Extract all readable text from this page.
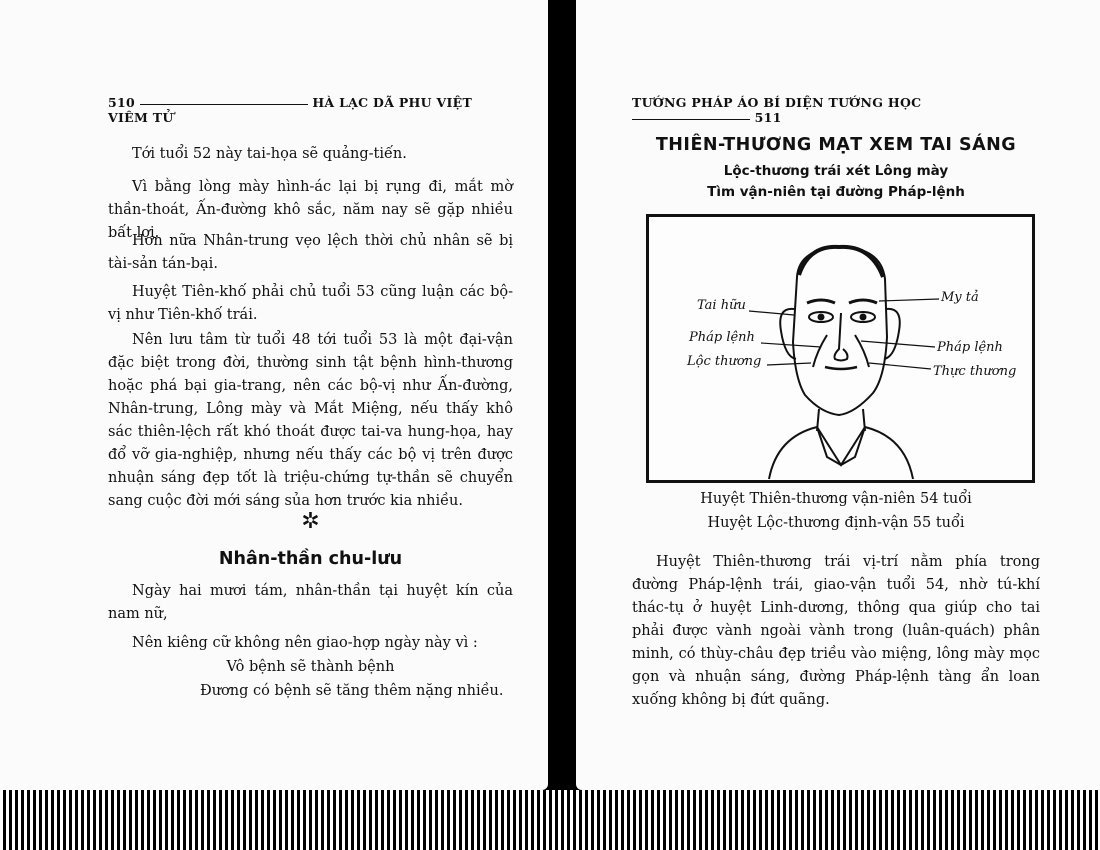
510	HÀ LẠC DÃ PHU VIỆT VIÊM TỬ
Tới tuổi 52 này tai-họa sẽ quảng-tiến.
Vì bằng lòng mày hình-ác lại bị rụng đi, mắt mờ thần-thoát, Ấn-đường khô sắc, năm nay sẽ gặp nhiều bất lợi.
Hơn nữa Nhân-trung vẹo lệch thời chủ nhân sẽ bị tài-sản tán-bại.
Huyệt Tiên-khố phải chủ tuổi 53 cũng luận các bộ-vị như Tiên-khố trái.
Nên lưu tâm từ tuổi 48 tới tuổi 53 là một đại-vận đặc biệt trong đời, thường sinh tật bệnh hình-thương hoặc phá bại gia-trang, nên các bộ-vị như Ấn-đường, Nhân-trung, Lông mày và Mắt Miệng, nếu thấy khô sác thiên-lệch rất khó thoát được tai-va hung-họa, hay đổ vỡ gia-nghiệp, nhưng nếu thấy các bộ vị trên được nhuận sáng đẹp tốt là triệu-chứng tự-thần sẽ chuyển sang cuộc đời mới sáng sủa hơn trước kia nhiều.
✲
Nhân-thần chu-lưu
Ngày hai mươi tám, nhân-thần tại huyệt kín của nam nữ,
Nên kiêng cữ không nên giao-hợp ngày này vì :
Vô bệnh sẽ thành bệnh
Đương có bệnh sẽ tăng thêm nặng nhiều.
TƯỚNG PHÁP ÁO BÍ DIỆN TƯỚNG HỌC  511
THIÊN-THƯƠNG MẠT XEM TAI SÁNG
Lộc-thương trái xét Lông mày
Tìm vận-niên tại đường Pháp-lệnh
Tai hữu
Pháp lệnh
Lộc thương
My tả
Pháp lệnh
Thực thương
Huyệt Thiên-thương vận-niên 54 tuổi
Huyệt Lộc-thương định-vận 55 tuổi
Huyệt Thiên-thương trái vị-trí nằm phía trong đường Pháp-lệnh trái, giao-vận tuổi 54, nhờ tú-khí thác-tụ ở huyệt Linh-dương, thông qua giúp cho tai phải được vành ngoài vành trong (luân-quách) phân minh, có thùy-châu đẹp triều vào miệng, lông mày mọc gọn và nhuận sáng, đường Pháp-lệnh tàng ẩn loan xuống không bị đứt quãng.
